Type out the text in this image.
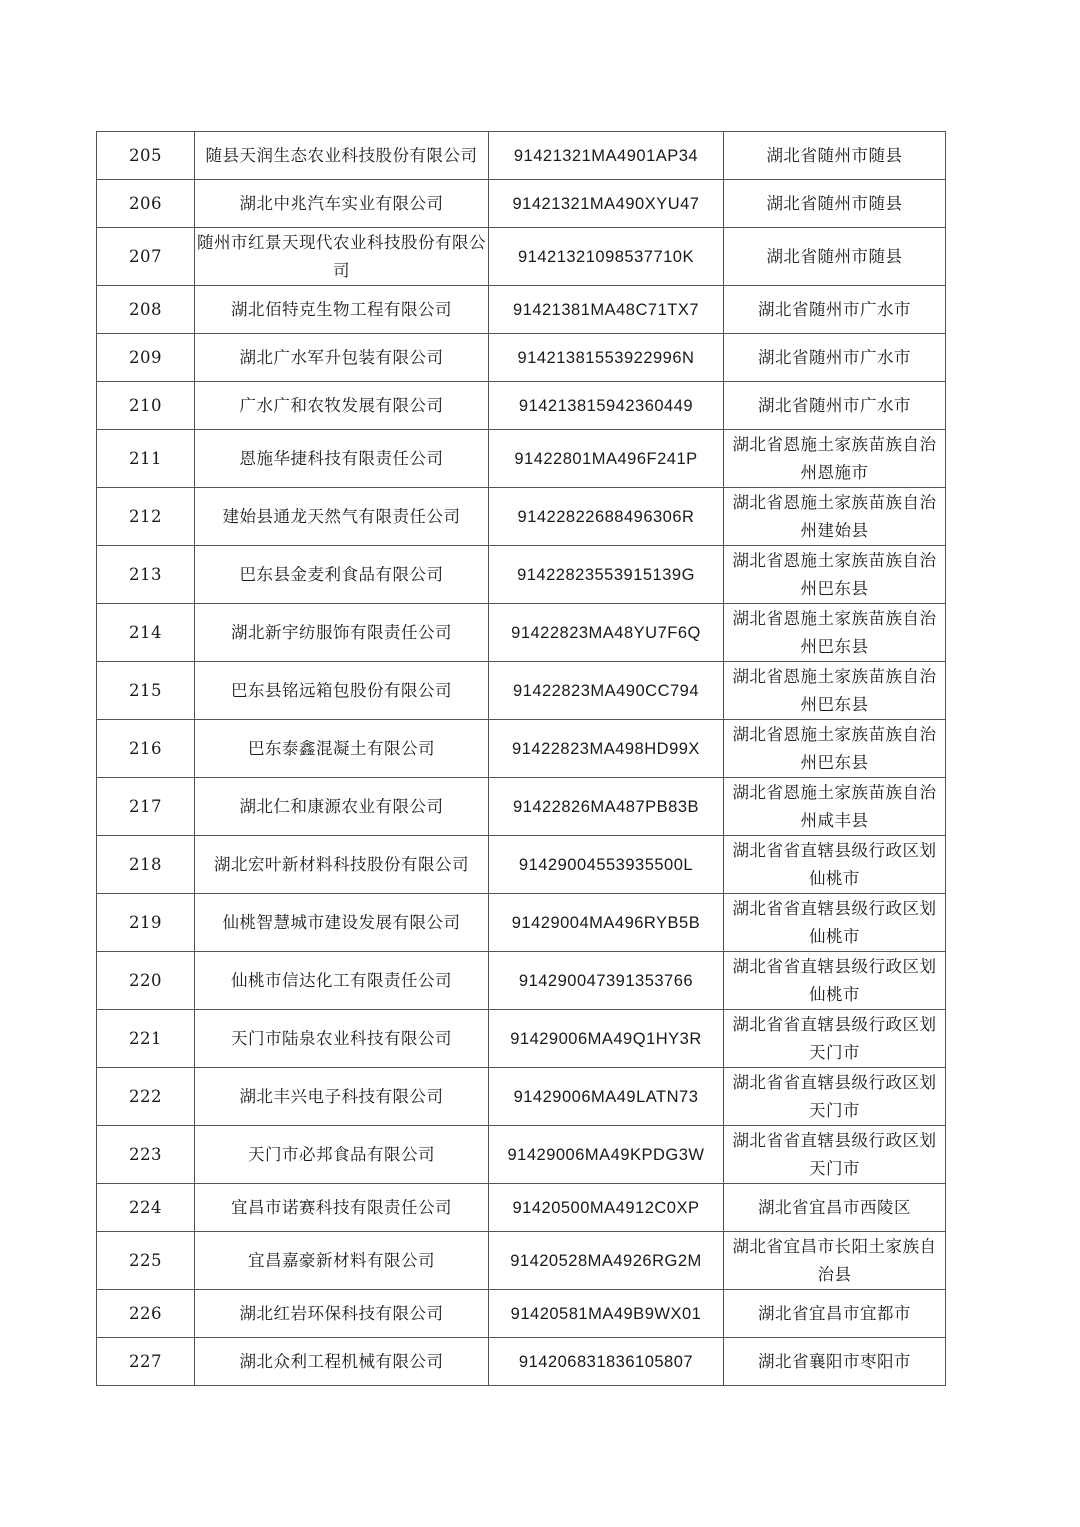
205	随县天润生态农业科技股份有限公司	91421321MA4901AP34	湖北省随州市随县
206	湖北中兆汽车实业有限公司	91421321MA490XYU47	湖北省随州市随县
207	随州市红景天现代农业科技股份有限公司	91421321098537710K	湖北省随州市随县
208	湖北佰特克生物工程有限公司	91421381MA48C71TX7	湖北省随州市广水市
209	湖北广水军升包装有限公司	91421381553922996N	湖北省随州市广水市
210	广水广和农牧发展有限公司	914213815942360449	湖北省随州市广水市
211	恩施华捷科技有限责任公司	91422801MA496F241P	湖北省恩施土家族苗族自治州恩施市
212	建始县通龙天然气有限责任公司	91422822688496306R	湖北省恩施土家族苗族自治州建始县
213	巴东县金麦利食品有限公司	91422823553915139G	湖北省恩施土家族苗族自治州巴东县
214	湖北新宇纺服饰有限责任公司	91422823MA48YU7F6Q	湖北省恩施土家族苗族自治州巴东县
215	巴东县铭远箱包股份有限公司	91422823MA490CC794	湖北省恩施土家族苗族自治州巴东县
216	巴东泰鑫混凝土有限公司	91422823MA498HD99X	湖北省恩施土家族苗族自治州巴东县
217	湖北仁和康源农业有限公司	91422826MA487PB83B	湖北省恩施土家族苗族自治州咸丰县
218	湖北宏叶新材料科技股份有限公司	91429004553935500L	湖北省省直辖县级行政区划仙桃市
219	仙桃智慧城市建设发展有限公司	91429004MA496RYB5B	湖北省省直辖县级行政区划仙桃市
220	仙桃市信达化工有限责任公司	914290047391353766	湖北省省直辖县级行政区划仙桃市
221	天门市陆泉农业科技有限公司	91429006MA49Q1HY3R	湖北省省直辖县级行政区划天门市
222	湖北丰兴电子科技有限公司	91429006MA49LATN73	湖北省省直辖县级行政区划天门市
223	天门市必邦食品有限公司	91429006MA49KPDG3W	湖北省省直辖县级行政区划天门市
224	宜昌市诺赛科技有限责任公司	91420500MA4912C0XP	湖北省宜昌市西陵区
225	宜昌嘉豪新材料有限公司	91420528MA4926RG2M	湖北省宜昌市长阳土家族自治县
226	湖北红岩环保科技有限公司	91420581MA49B9WX01	湖北省宜昌市宜都市
227	湖北众利工程机械有限公司	914206831836105807	湖北省襄阳市枣阳市
